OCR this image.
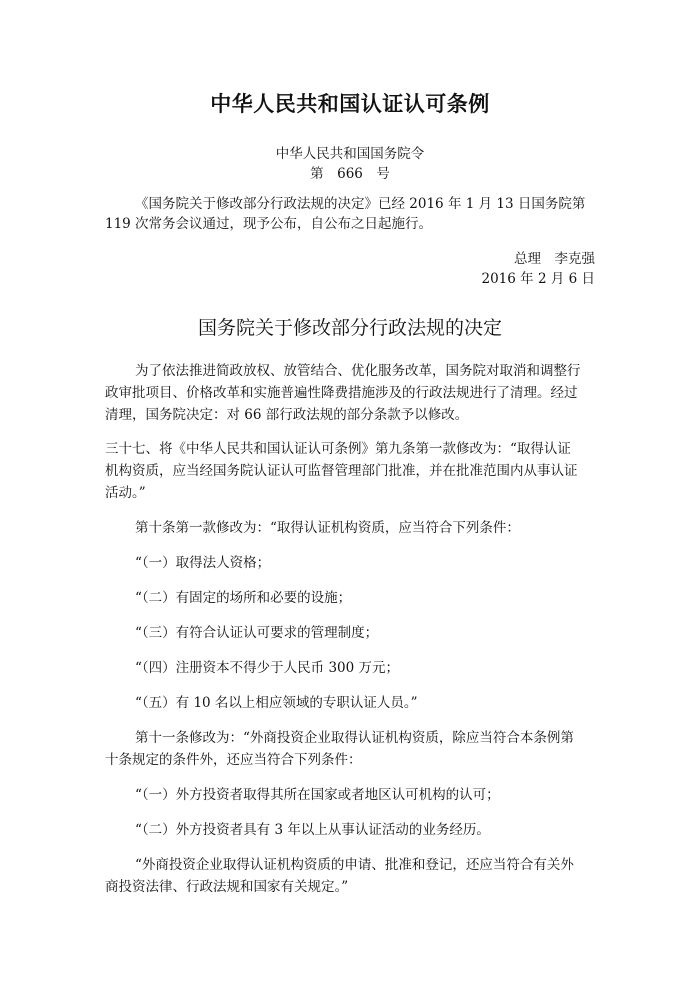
中华人民共和国认证认可条例
中华人民共和国国务院令
第　666　号
《国务院关于修改部分行政法规的决定》已经 2016 年 1 月 13 日国务院第
119 次常务会议通过，现予公布，自公布之日起施行。
总理　李克强
2016 年 2 月 6 日
国务院关于修改部分行政法规的决定
为了依法推进简政放权、放管结合、优化服务改革，国务院对取消和调整行
政审批项目、价格改革和实施普遍性降费措施涉及的行政法规进行了清理。经过
清理，国务院决定：对 66 部行政法规的部分条款予以修改。
三十七、将《中华人民共和国认证认可条例》第九条第一款修改为：“取得认证
机构资质，应当经国务院认证认可监督管理部门批准，并在批准范围内从事认证
活动。”
第十条第一款修改为：“取得认证机构资质，应当符合下列条件：
“（一）取得法人资格；
“（二）有固定的场所和必要的设施；
“（三）有符合认证认可要求的管理制度；
“（四）注册资本不得少于人民币 300 万元；
“（五）有 10 名以上相应领域的专职认证人员。”
第十一条修改为：“外商投资企业取得认证机构资质，除应当符合本条例第
十条规定的条件外，还应当符合下列条件：
“（一）外方投资者取得其所在国家或者地区认可机构的认可；
“（二）外方投资者具有 3 年以上从事认证活动的业务经历。
“外商投资企业取得认证机构资质的申请、批准和登记，还应当符合有关外
商投资法律、行政法规和国家有关规定。”
